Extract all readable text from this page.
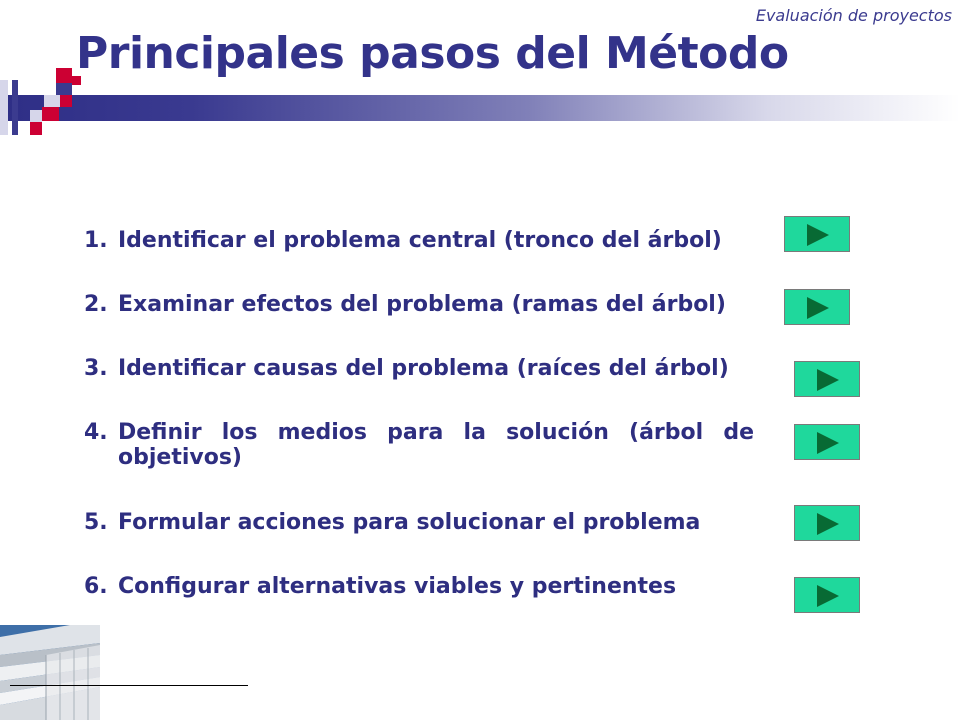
Evaluación de proyectos
Principales pasos del Método
1. Identificar el problema central (tronco del árbol)
2. Examinar efectos del problema (ramas del árbol)
3. Identificar causas del problema (raíces del árbol)
4. Definir los medios para la solución (árbol de objetivos)
5. Formular acciones para solucionar el problema
6. Configurar alternativas viables y pertinentes
